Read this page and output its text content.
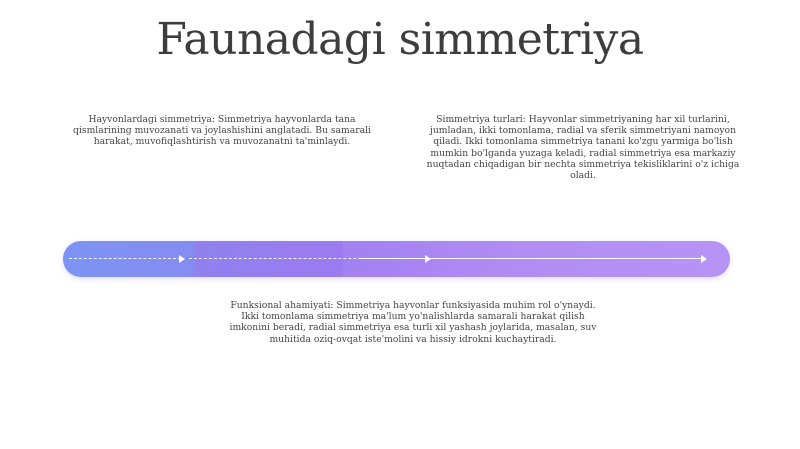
Faunadagi simmetriya
Hayvonlardagi simmetriya: Simmetriya hayvonlarda tana qismlarining muvozanati va joylashishini anglatadi. Bu samarali harakat, muvofiqlashtirish va muvozanatni ta'minlaydi.
Simmetriya turlari: Hayvonlar simmetriyaning har xil turlarini, jumladan, ikki tomonlama, radial va sferik simmetriyani namoyon qiladi. Ikki tomonlama simmetriya tanani ko'zgu yarmiga bo'lish mumkin bo'lganda yuzaga keladi, radial simmetriya esa markaziy nuqtadan chiqadigan bir nechta simmetriya tekisliklarini o'z ichiga oladi.
Funksional ahamiyati: Simmetriya hayvonlar funksiyasida muhim rol o'ynaydi. Ikki tomonlama simmetriya ma'lum yo'nalishlarda samarali harakat qilish imkonini beradi, radial simmetriya esa turli xil yashash joylarida, masalan, suv muhitida oziq-ovqat iste'molini va hissiy idrokni kuchaytiradi.
